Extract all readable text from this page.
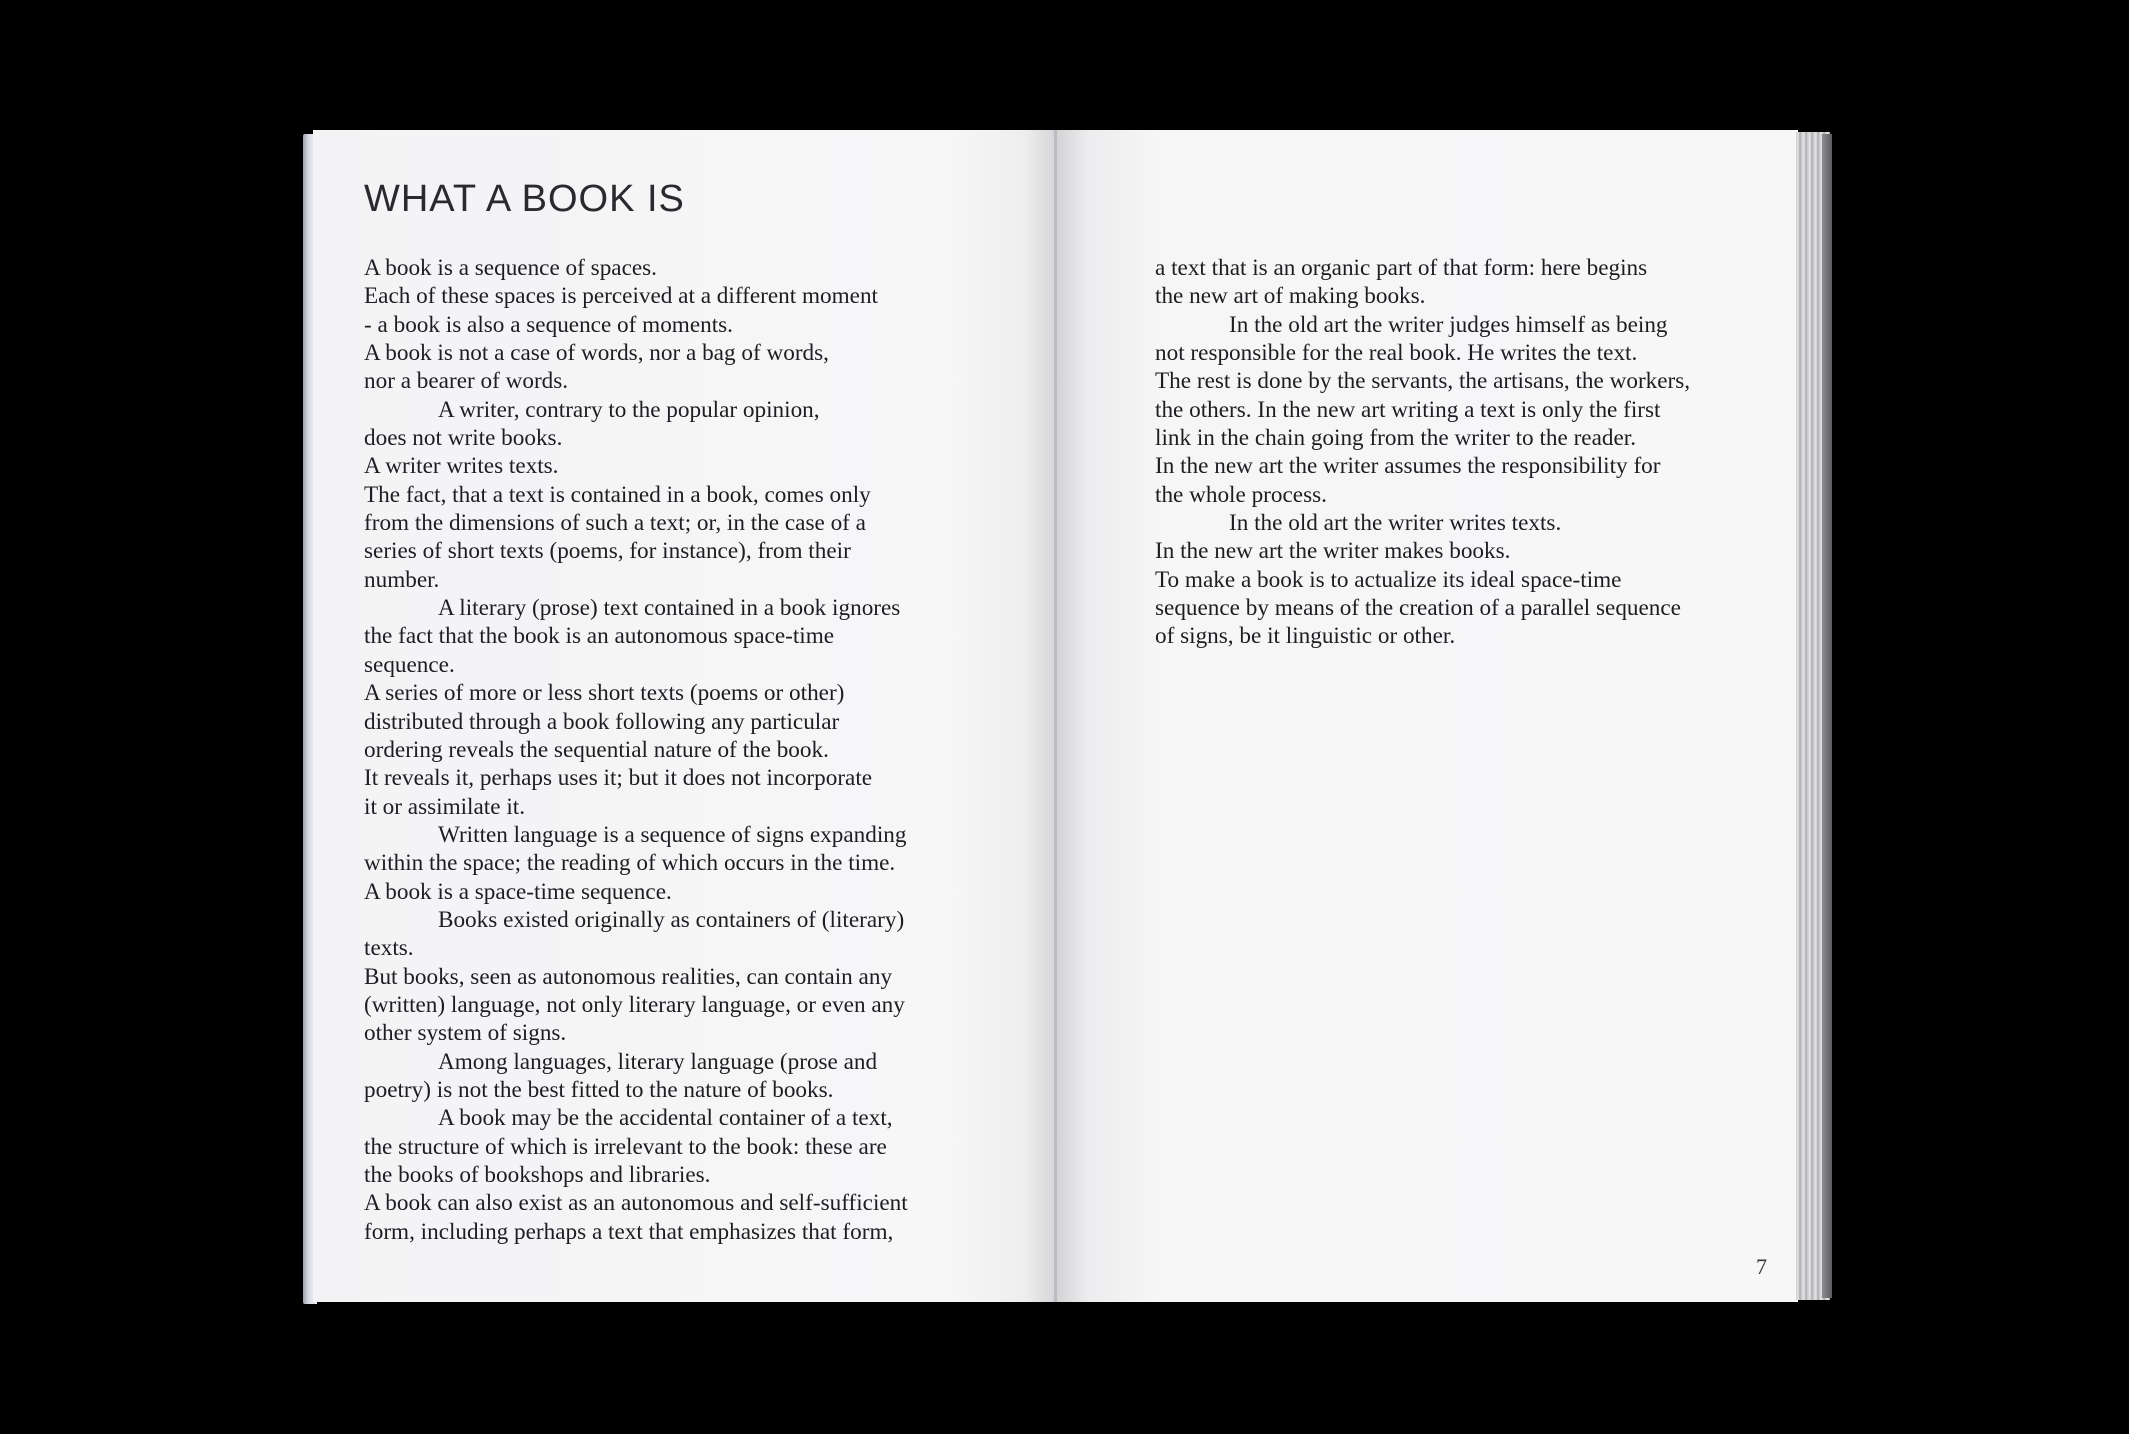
WHAT A BOOK IS

A book is a sequence of spaces.

Each of these spaces is perceived at a different moment

- a book is also a sequence of moments.

A book is not a case of words, nor a bag of words,

nor a bearer of words.

A writer, contrary to the popular opinion,

does not write books.

A writer writes texts.

The fact, that a text is contained in a book, comes only

from the dimensions of such a text; or, in the case of a

series of short texts (poems, for instance), from their

number.

A literary (prose) text contained in a book ignores

the fact that the book is an autonomous space-time

sequence.

A series of more or less short texts (poems or other)

distributed through a book following any particular

ordering reveals the sequential nature of the book.

It reveals it, perhaps uses it; but it does not incorporate

it or assimilate it.

Written language is a sequence of signs expanding

within the space; the reading of which occurs in the time.

A book is a space-time sequence.

Books existed originally as containers of (literary)

texts.

But books, seen as autonomous realities, can contain any

(written) language, not only literary language, or even any

other system of signs.

Among languages, literary language (prose and

poetry) is not the best fitted to the nature of books.

A book may be the accidental container of a text,

the structure of which is irrelevant to the book: these are

the books of bookshops and libraries.

A book can also exist as an autonomous and self-sufficient

form, including perhaps a text that emphasizes that form,

a text that is an organic part of that form: here begins

the new art of making books.

In the old art the writer judges himself as being

not responsible for the real book. He writes the text.

The rest is done by the servants, the artisans, the workers,

the others. In the new art writing a text is only the first

link in the chain going from the writer to the reader.

In the new art the writer assumes the responsibility for

the whole process.

In the old art the writer writes texts.

In the new art the writer makes books.

To make a book is to actualize its ideal space-time

sequence by means of the creation of a parallel sequence

of signs, be it linguistic or other.

7
